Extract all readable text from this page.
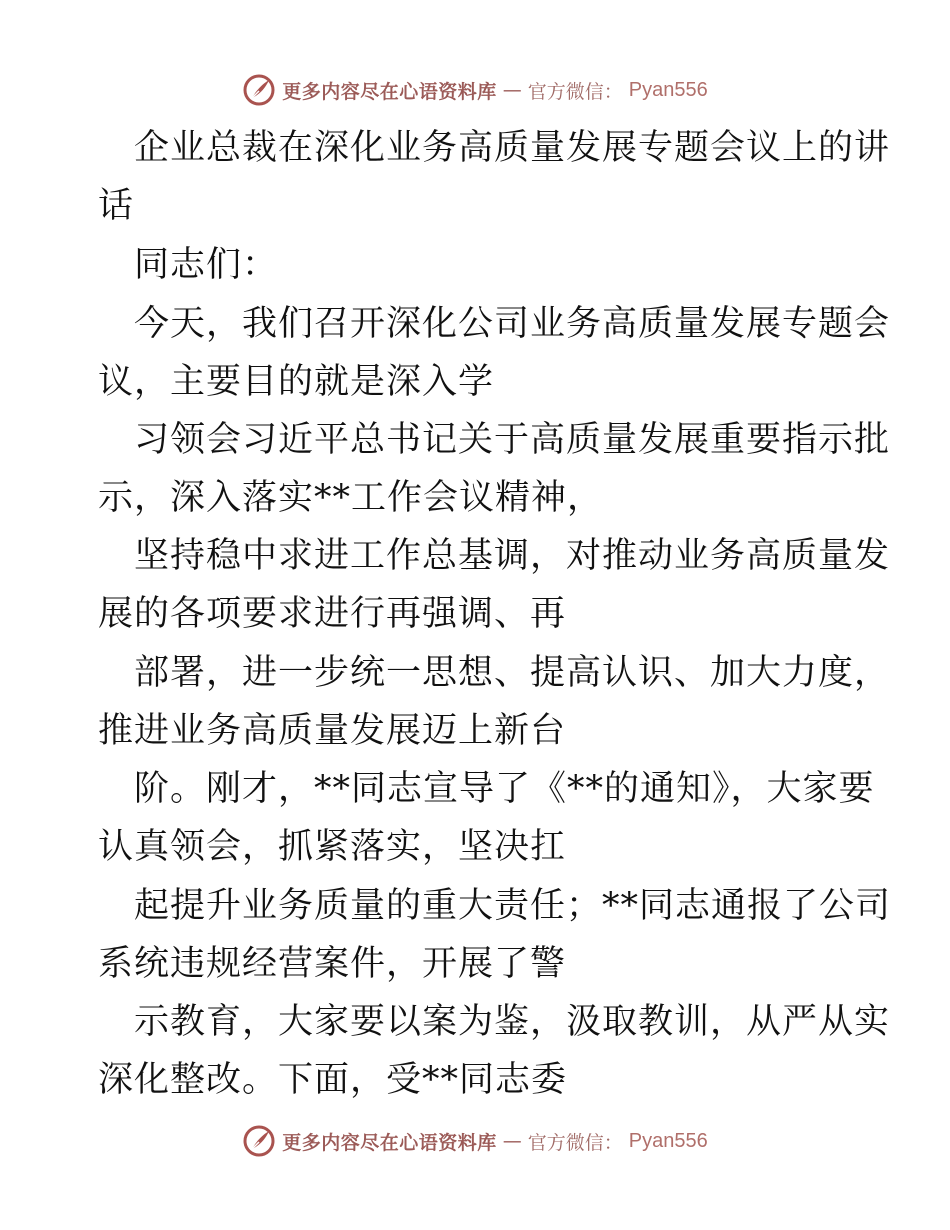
更多内容尽在心语资料库 — 官方微信： Pyan556
企业总裁在深化业务高质量发展专题会议上的讲
话
同志们：
今天，我们召开深化公司业务高质量发展专题会
议，主要目的就是深入学
习领会习近平总书记关于高质量发展重要指示批
示，深入落实**工作会议精神，
坚持稳中求进工作总基调，对推动业务高质量发
展的各项要求进行再强调、再
部署，进一步统一思想、提高认识、加大力度，
推进业务高质量发展迈上新台
阶。刚才，**同志宣导了《**的通知》，大家要
认真领会，抓紧落实，坚决扛
起提升业务质量的重大责任；**同志通报了公司
系统违规经营案件，开展了警
示教育，大家要以案为鉴，汲取教训，从严从实
深化整改。下面，受**同志委
更多内容尽在心语资料库 — 官方微信： Pyan556
